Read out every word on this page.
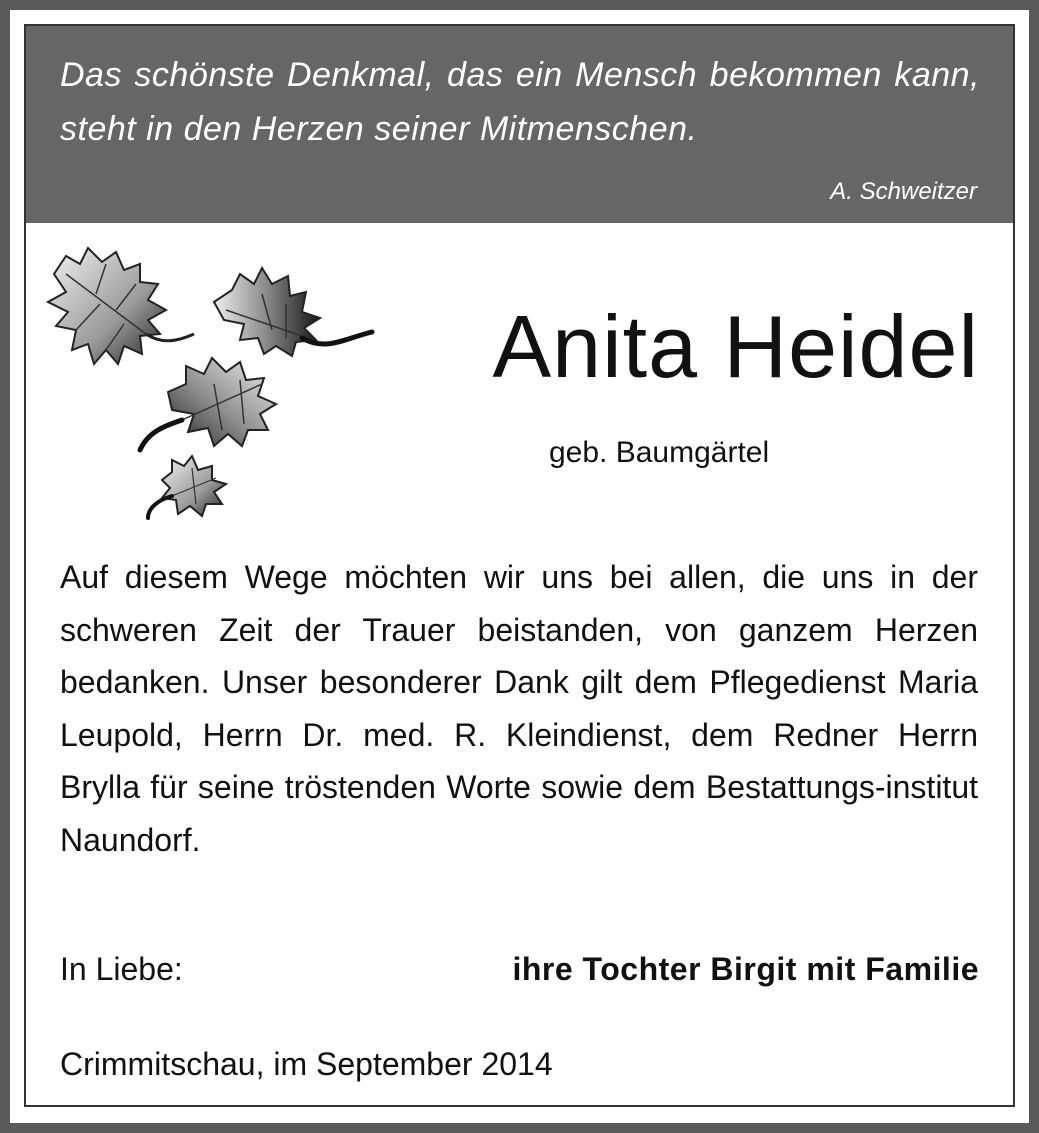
Das schönste Denkmal, das ein Mensch bekommen kann, steht in den Herzen seiner Mitmenschen.
A. Schweitzer
Anita Heidel
geb. Baumgärtel
Auf diesem Wege möchten wir uns bei allen, die uns in der schweren Zeit der Trauer beistanden, von ganzem Herzen bedanken. Unser besonderer Dank gilt dem Pflegedienst Maria Leupold, Herrn Dr. med. R. Kleindienst, dem Redner Herrn Brylla für seine tröstenden Worte sowie dem Bestattungs-institut Naundorf.
In Liebe:	ihre Tochter Birgit mit Familie
Crimmitschau, im September 2014
